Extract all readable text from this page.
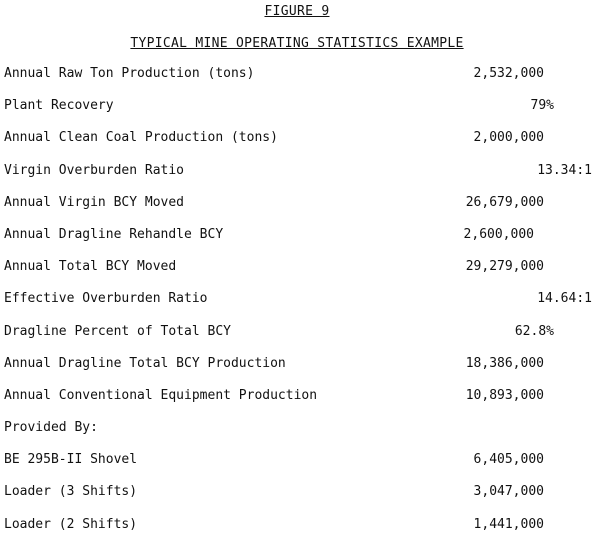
FIGURE 9
TYPICAL MINE OPERATING STATISTICS EXAMPLE
Annual Raw Ton Production (tons)	2,532,000
Plant Recovery	79%
Annual Clean Coal Production (tons)	2,000,000
Virgin Overburden Ratio	13.34:1
Annual Virgin BCY Moved	26,679,000
Annual Dragline Rehandle BCY	2,600,000
Annual Total BCY Moved	29,279,000
Effective Overburden Ratio	14.64:1
Dragline Percent of Total BCY	62.8%
Annual Dragline Total BCY Production	18,386,000
Annual Conventional Equipment Production	10,893,000
Provided By:
BE 295B-II Shovel	6,405,000
Loader (3 Shifts)	3,047,000
Loader (2 Shifts)	1,441,000
